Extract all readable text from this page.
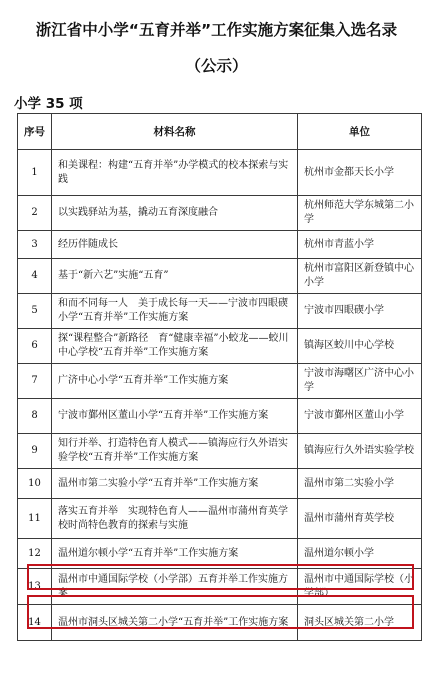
浙江省中小学“五育并举”工作实施方案征集入选名录
（公示）
小学 35 项
序号	材料名称	单位
1	和美课程：构建“五育并举”办学模式的校本探索与实践	杭州市金都天长小学
2	以实践驿站为基，撬动五育深度融合	杭州师范大学东城第二小学
3	经历伴随成长	杭州市青蓝小学
4	基于“新六艺”实施“五育”	杭州市富阳区新登镇中心小学
5	和而不同每一人　美于成长每一天——宁波市四眼碶小学“五育并举”工作实施方案	宁波市四眼碶小学
6	探“课程整合”新路径　育“健康幸福”小蛟龙——蛟川中心学校“五育并举”工作实施方案	镇海区蛟川中心学校
7	广济中心小学“五育并举”工作实施方案	宁波市海曙区广济中心小学
8	宁波市鄞州区董山小学“五育并举”工作实施方案	宁波市鄞州区董山小学
9	知行并举、打造特色育人模式——镇海应行久外语实验学校“五育并举”工作实施方案	镇海应行久外语实验学校
10	温州市第二实验小学“五育并举”工作实施方案	温州市第二实验小学
11	落实五育并举　实现特色育人——温州市蒲州育英学校时尚特色教育的探索与实施	温州市蒲州育英学校
12	温州道尔顿小学“五育并举”工作实施方案	温州道尔顿小学
13	温州市中通国际学校（小学部）五育并举工作实施方案	温州市中通国际学校（小学部）
14	温州市洞头区城关第二小学“五育并举”工作实施方案	洞头区城关第二小学
